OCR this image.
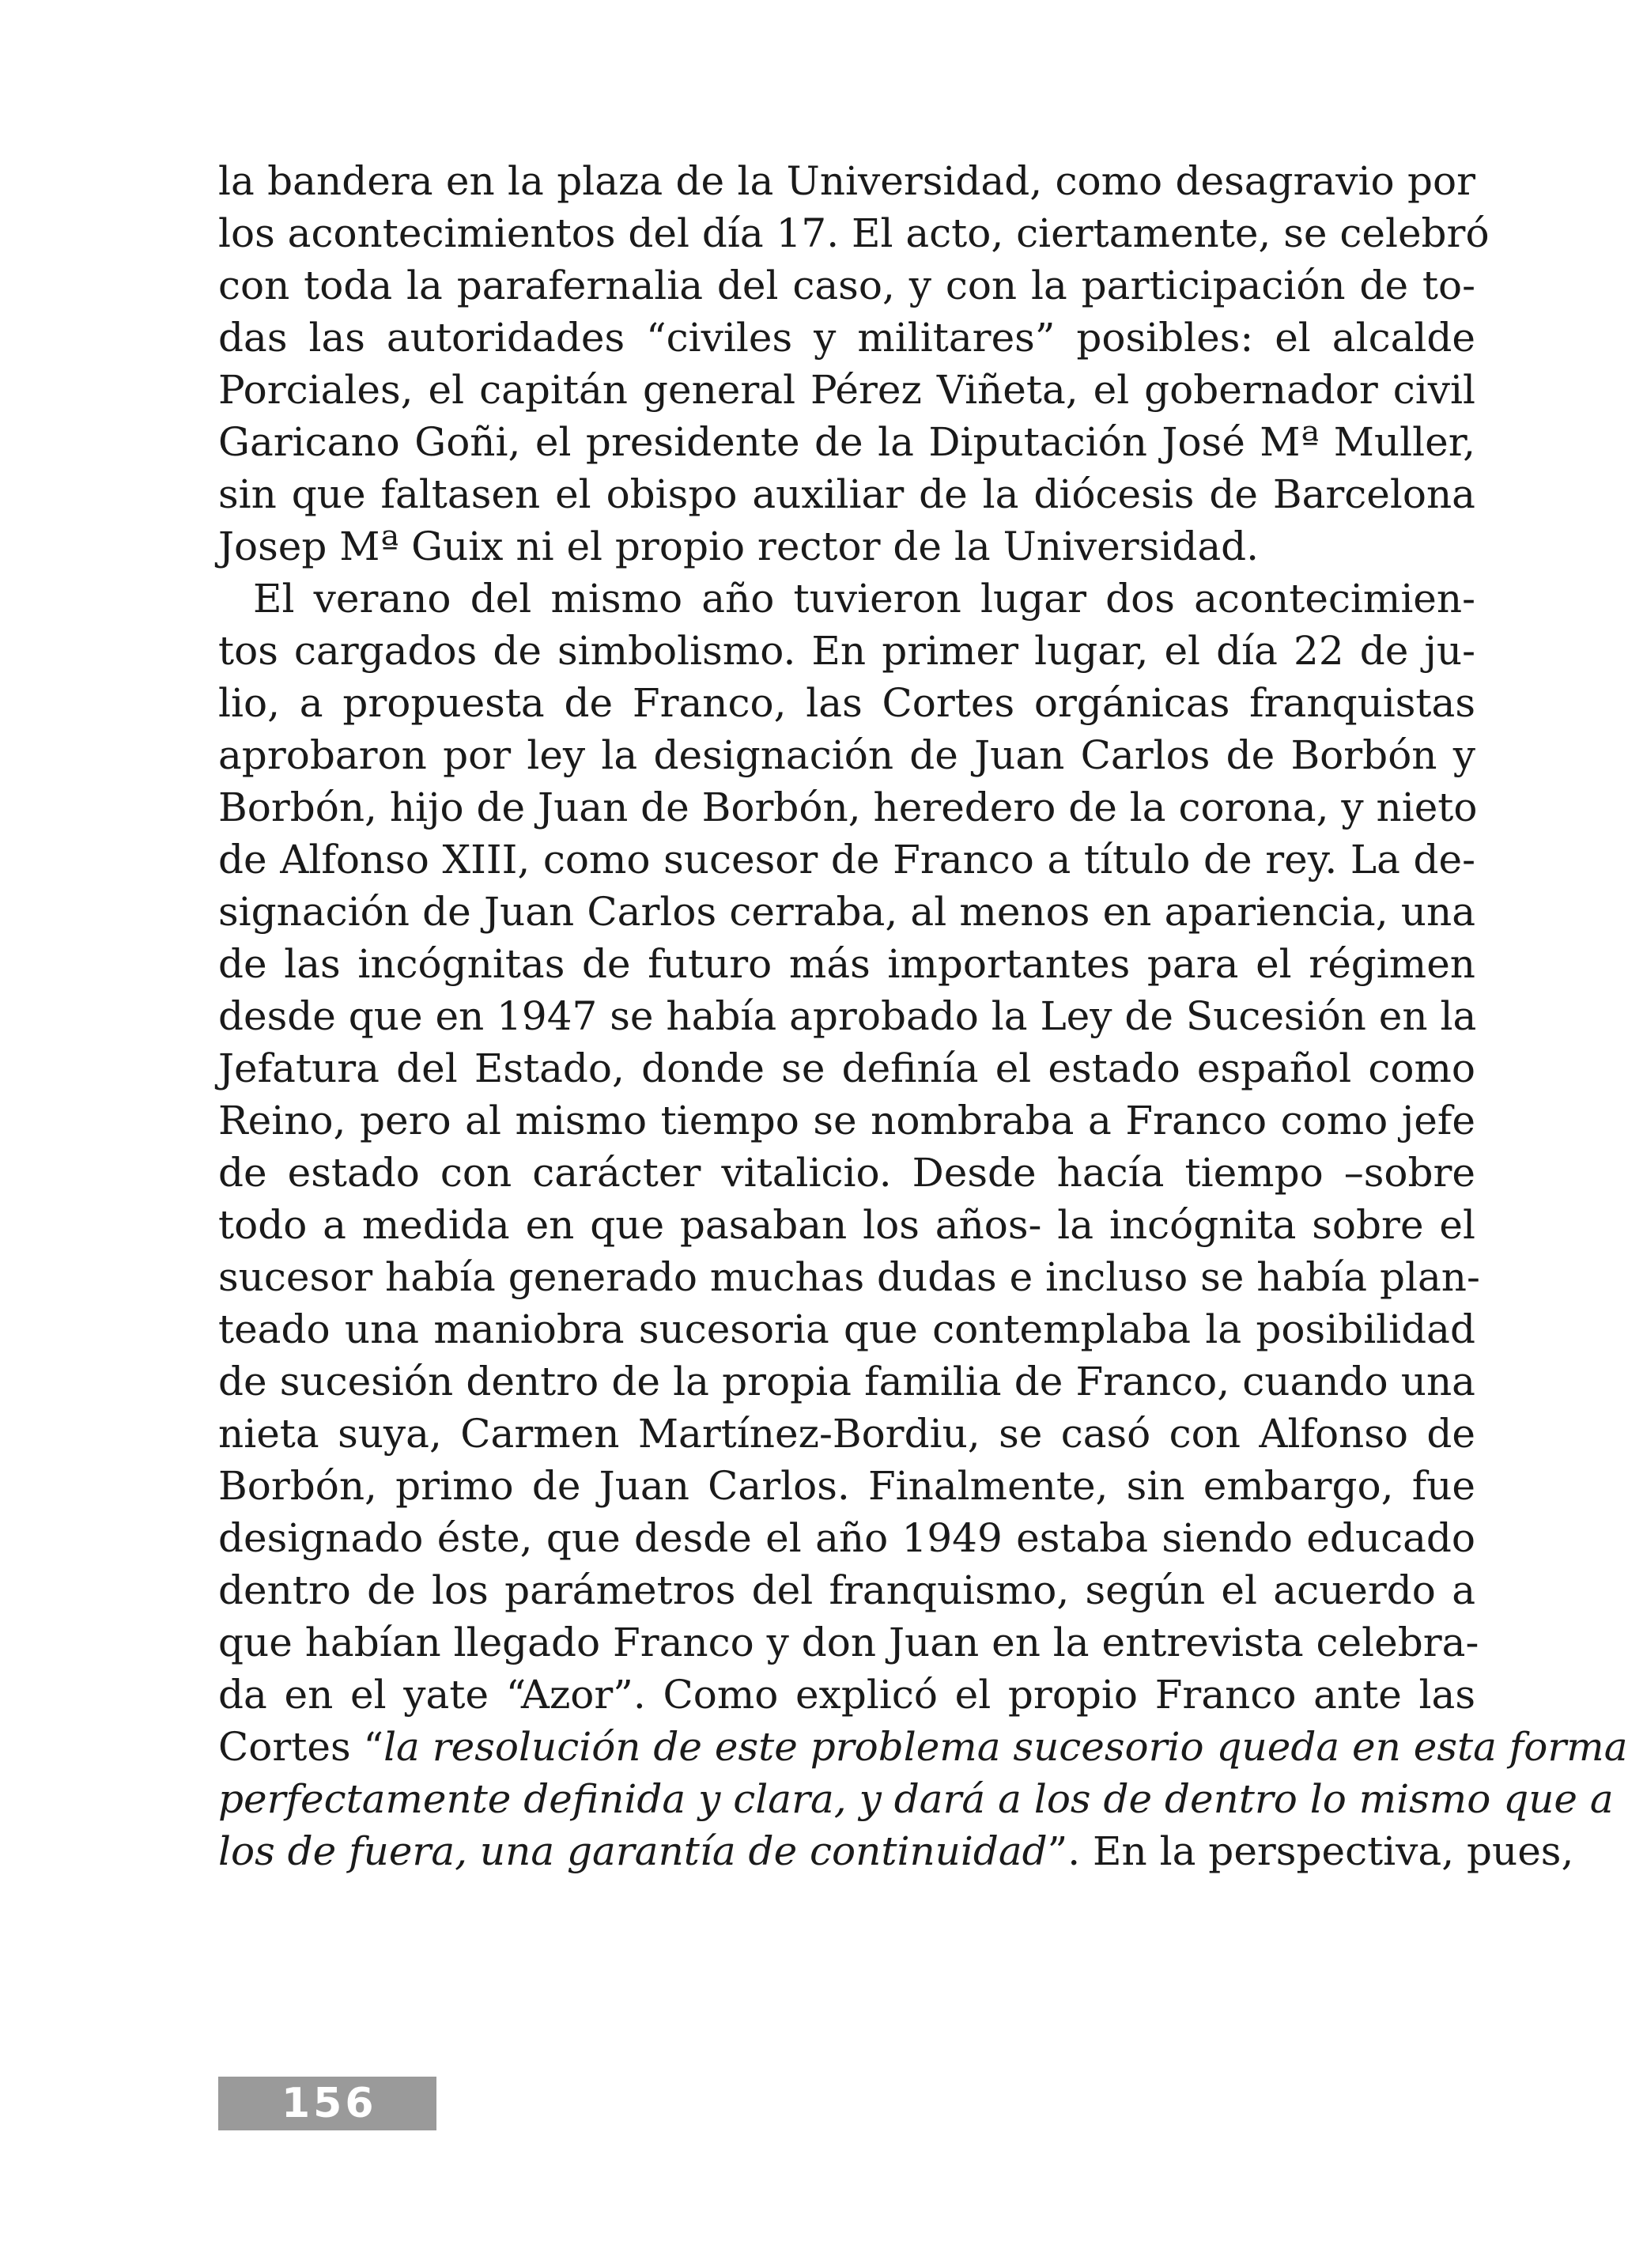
la bandera en la plaza de la Universidad, como desagravio por
los acontecimientos del día 17. El acto, ciertamente, se celebró
con toda la parafernalia del caso, y con la participación de to-
das las autoridades “civiles y militares” posibles: el alcalde
Porciales, el capitán general Pérez Viñeta, el gobernador civil
Garicano Goñi, el presidente de la Diputación José Mª Muller,
sin que faltasen el obispo auxiliar de la diócesis de Barcelona
Josep Mª Guix ni el propio rector de la Universidad.
El verano del mismo año tuvieron lugar dos acontecimien-
tos cargados de simbolismo. En primer lugar, el día 22 de ju-
lio, a propuesta de Franco, las Cortes orgánicas franquistas
aprobaron por ley la designación de Juan Carlos de Borbón y
Borbón, hijo de Juan de Borbón, heredero de la corona, y nieto
de Alfonso XIII, como sucesor de Franco a título de rey. La de-
signación de Juan Carlos cerraba, al menos en apariencia, una
de las incógnitas de futuro más importantes para el régimen
desde que en 1947 se había aprobado la Ley de Sucesión en la
Jefatura del Estado, donde se definía el estado español como
Reino, pero al mismo tiempo se nombraba a Franco como jefe
de estado con carácter vitalicio. Desde hacía tiempo –sobre
todo a medida en que pasaban los años- la incógnita sobre el
sucesor había generado muchas dudas e incluso se había plan-
teado una maniobra sucesoria que contemplaba la posibilidad
de sucesión dentro de la propia familia de Franco, cuando una
nieta suya, Carmen Martínez-Bordiu, se casó con Alfonso de
Borbón, primo de Juan Carlos. Finalmente, sin embargo, fue
designado éste, que desde el año 1949 estaba siendo educado
dentro de los parámetros del franquismo, según el acuerdo a
que habían llegado Franco y don Juan en la entrevista celebra-
da en el yate “Azor”. Como explicó el propio Franco ante las
Cortes “la resolución de este problema sucesorio queda en esta forma
perfectamente definida y clara, y dará a los de dentro lo mismo que a
los de fuera, una garantía de continuidad”. En la perspectiva, pues,
156
